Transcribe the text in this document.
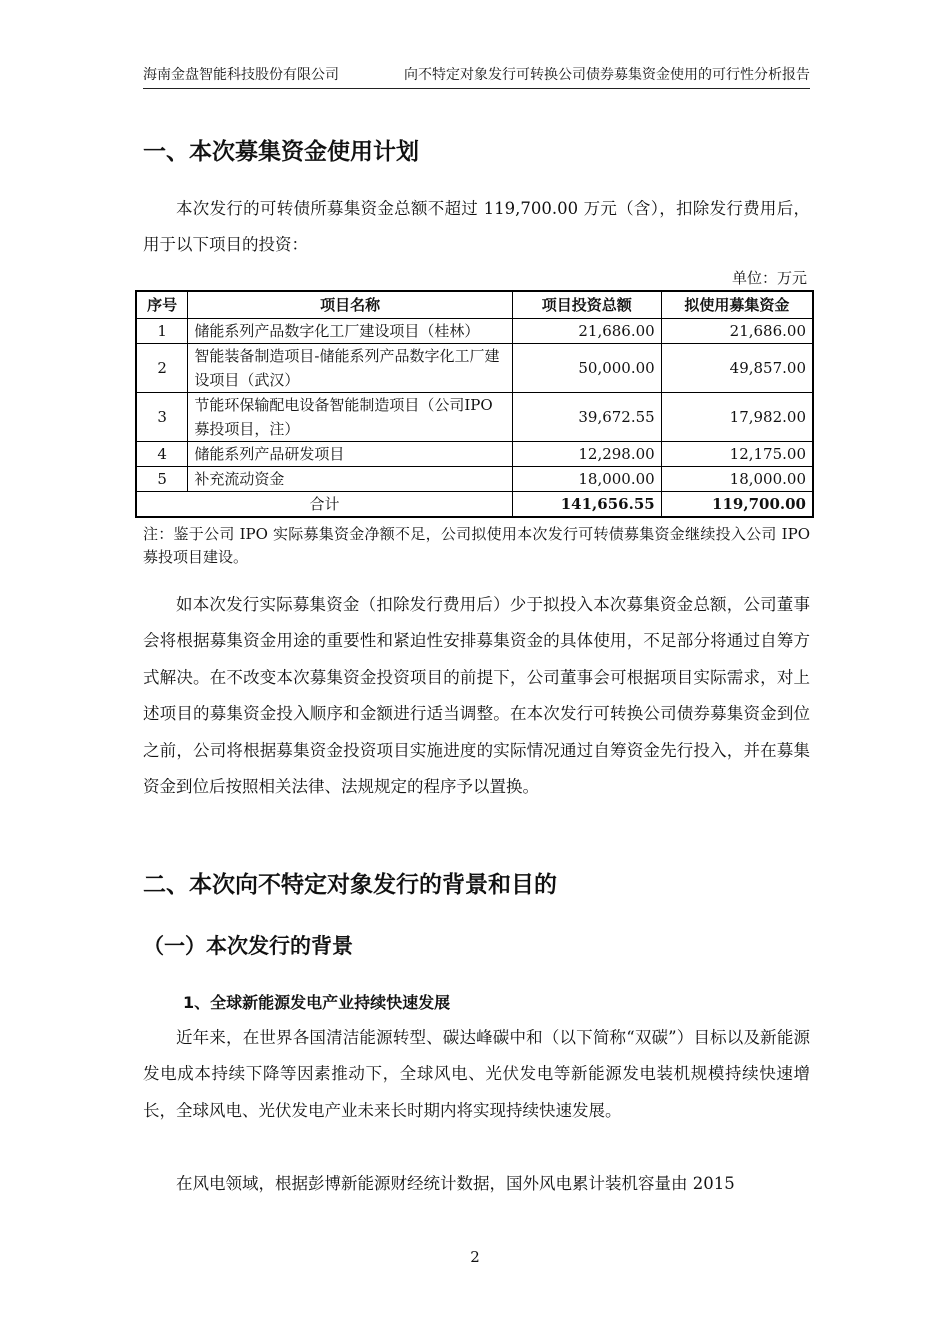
海南金盘智能科技股份有限公司	向不特定对象发行可转换公司债券募集资金使用的可行性分析报告
一、本次募集资金使用计划

本次发行的可转债所募集资金总额不超过 119,700.00 万元（含），扣除发行费用后，用于以下项目的投资：

单位：万元
序号	项目名称	项目投资总额	拟使用募集资金
1	储能系列产品数字化工厂建设项目（桂林）	21,686.00	21,686.00
2	智能装备制造项目-储能系列产品数字化工厂建设项目（武汉）	50,000.00	49,857.00
3	节能环保输配电设备智能制造项目（公司IPO 募投项目，注）	39,672.55	17,982.00
4	储能系列产品研发项目	12,298.00	12,175.00
5	补充流动资金	18,000.00	18,000.00
合计		141,656.55	119,700.00

注：鉴于公司 IPO 实际募集资金净额不足，公司拟使用本次发行可转债募集资金继续投入公司 IPO 募投项目建设。

如本次发行实际募集资金（扣除发行费用后）少于拟投入本次募集资金总额，公司董事会将根据募集资金用途的重要性和紧迫性安排募集资金的具体使用，不足部分将通过自筹方式解决。在不改变本次募集资金投资项目的前提下，公司董事会可根据项目实际需求，对上述项目的募集资金投入顺序和金额进行适当调整。在本次发行可转换公司债券募集资金到位之前，公司将根据募集资金投资项目实施进度的实际情况通过自筹资金先行投入，并在募集资金到位后按照相关法律、法规规定的程序予以置换。

二、本次向不特定对象发行的背景和目的
（一）本次发行的背景
1、全球新能源发电产业持续快速发展

近年来，在世界各国清洁能源转型、碳达峰碳中和（以下简称“双碳”）目标以及新能源发电成本持续下降等因素推动下，全球风电、光伏发电等新能源发电装机规模持续快速增长，全球风电、光伏发电产业未来长时期内将实现持续快速发展。

在风电领域，根据彭博新能源财经统计数据，国外风电累计装机容量由 2015

2
